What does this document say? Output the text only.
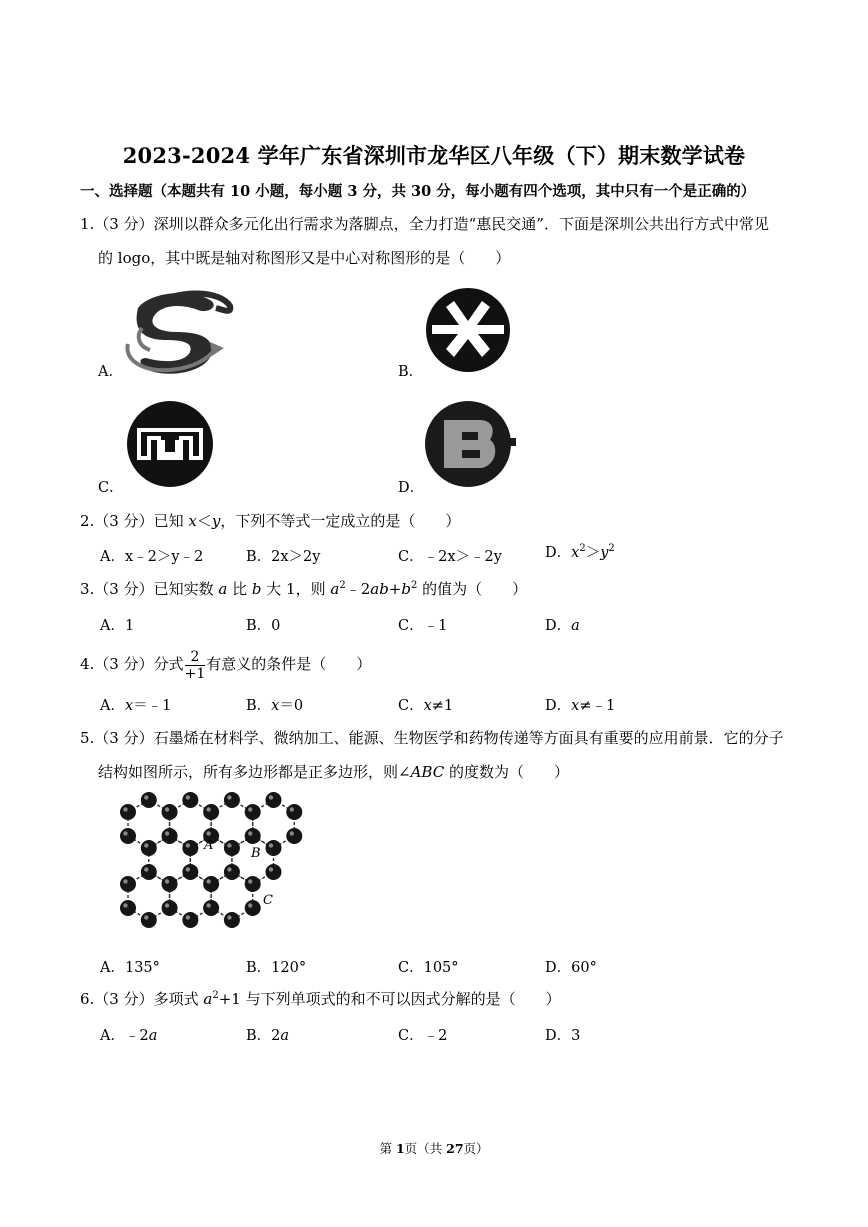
2023-2024 学年广东省深圳市龙华区八年级（下）期末数学试卷
一、选择题（本题共有 10 小题，每小题 3 分，共 30 分，每小题有四个选项，其中只有一个是正确的）
1.（3 分）深圳以群众多元化出行需求为落脚点，全力打造“惠民交通”．下面是深圳公共出行方式中常见
的 logo，其中既是轴对称图形又是中心对称图形的是（　　）
A．	B．
C．	D．
2.（3 分）已知 x＜y，下列不等式一定成立的是（　　）
A．x﹣2＞y﹣2	B．2x＞2y	C．﹣2x＞﹣2y	D．$x^2>y^2$
3.（3 分）已知实数 a 比 b 大 1，则 $a^2﹣2ab+b^2$ 的值为（　　）
A．1	B．0	C．﹣1	D．a
4.（3 分）分式 $\frac{2}{+1}$ 有意义的条件是（　　）
A．x＝﹣1	B．x＝0	C．x≠1	D．x≠﹣1
5.（3 分）石墨烯在材料学、微纳加工、能源、生物医学和药物传递等方面具有重要的应用前景．它的分子
结构如图所示，所有多边形都是正多边形，则∠ABC 的度数为（　　）
A
B
C
A．135°	B．120°	C．105°	D．60°
6.（3 分）多项式 $a^2+1$ 与下列单项式的和不可以因式分解的是（　　）
A．﹣2a	B．2a	C．﹣2	D．3
第 1页（共 27页）
